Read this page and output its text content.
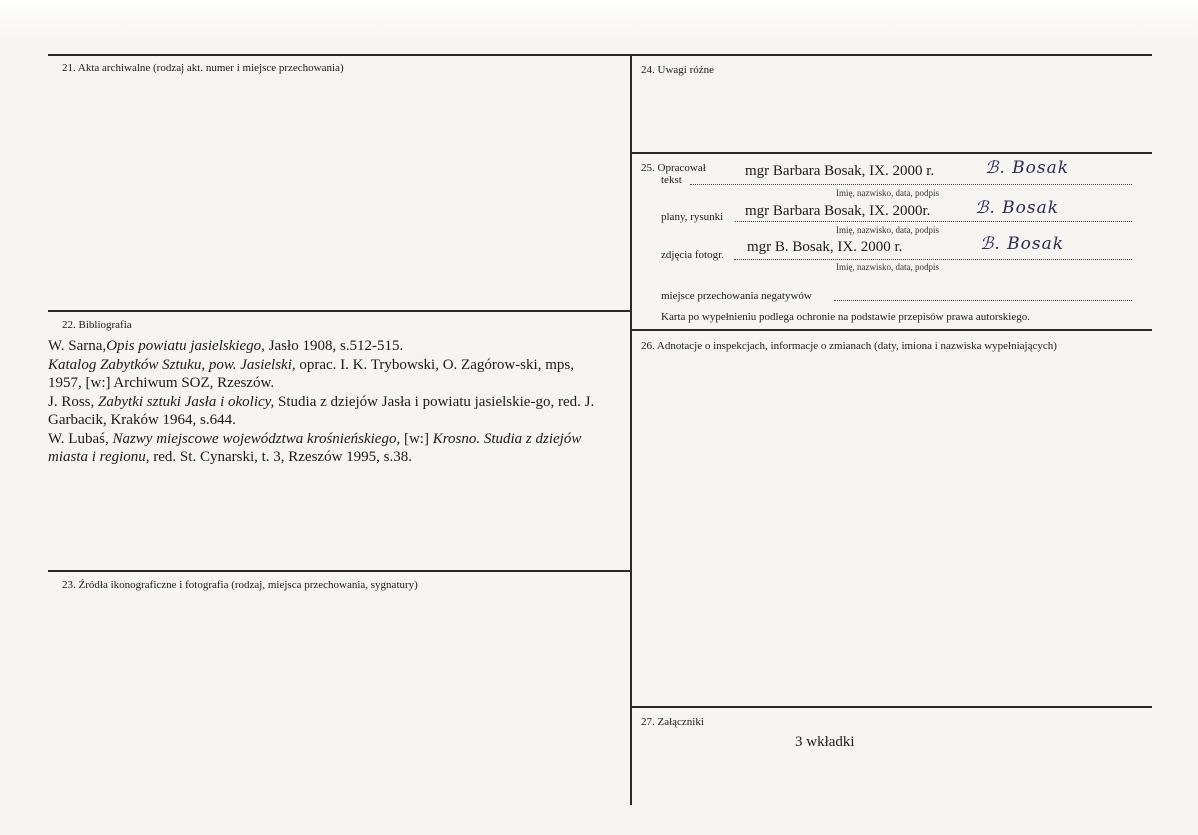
21. Akta archiwalne (rodzaj akt. numer i miejsce przechowania)
22. Bibliografia

W. Sarna,Opis powiatu jasielskiego, Jasło 1908, s.512-515.

Katalog Zabytków Sztuku, pow. Jasielski, oprac. I. K. Trybowski, O. Zagórow-ski, mps, 1957, [w:] Archiwum SOZ, Rzeszów.

J. Ross, Zabytki sztuki Jasła i okolicy, Studia z dziejów Jasła i powiatu jasielskie-go, red. J. Garbacik, Kraków 1964, s.644.

W. Lubaś, Nazwy miejscowe województwa krośnieńskiego, [w:] Krosno. Studia z dziejów miasta i regionu, red. St. Cynarski, t. 3, Rzeszów 1995, s.38.

23. Źródła ikonograficzne i fotografia (rodzaj, miejsca przechowania, sygnatury)
24. Uwagi różne
25. Opracował
tekst
mgr Barbara Bosak, IX. 2000 r.	ℬ. Bosak
Imię, nazwisko, data, podpis
plany, rysunki mgr Barbara Bosak, IX. 2000r.	ℬ. Bosak
Imię, nazwisko, data, podpis
zdjęcia fotogr. mgr B. Bosak, IX. 2000 r.	ℬ. Bosak
Imię, nazwisko, data, podpis
miejsce przechowania negatywów
Karta po wypełnieniu podlega ochronie na podstawie przepisów prawa autorskiego.
26. Adnotacje o inspekcjach, informacje o zmianach (daty, imiona i nazwiska wypełniających)
27. Załączniki
3 wkładki
